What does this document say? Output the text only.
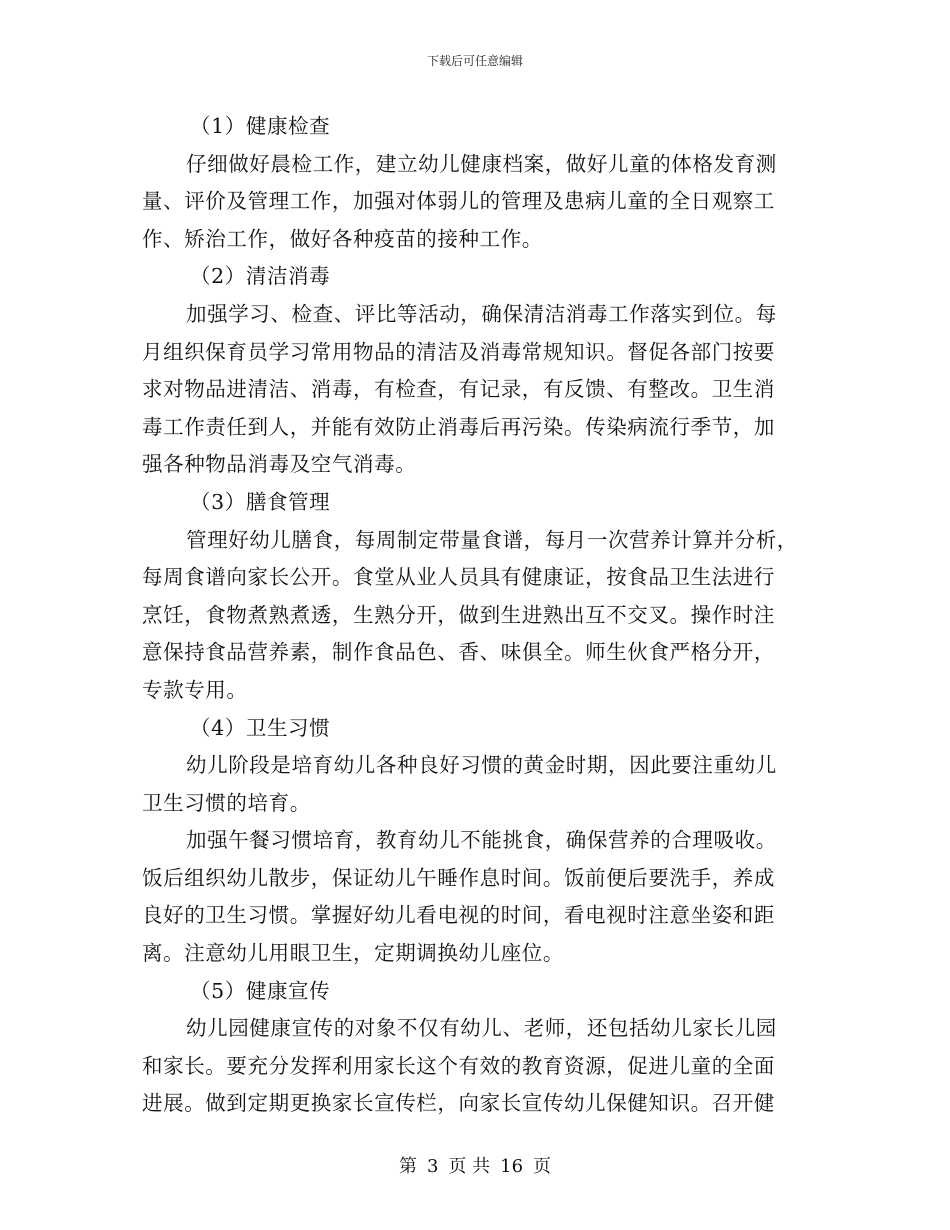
下载后可任意编辑
（1）健康检查
仔细做好晨检工作，建立幼儿健康档案，做好儿童的体格发育测
量、评价及管理工作，加强对体弱儿的管理及患病儿童的全日观察工
作、矫治工作，做好各种疫苗的接种工作。
（2）清洁消毒
加强学习、检查、评比等活动，确保清洁消毒工作落实到位。每
月组织保育员学习常用物品的清洁及消毒常规知识。督促各部门按要
求对物品进清洁、消毒，有检查，有记录，有反馈、有整改。卫生消
毒工作责任到人，并能有效防止消毒后再污染。传染病流行季节，加
强各种物品消毒及空气消毒。
（3）膳食管理
管理好幼儿膳食，每周制定带量食谱，每月一次营养计算并分析，
每周食谱向家长公开。食堂从业人员具有健康证，按食品卫生法进行
烹饪，食物煮熟煮透，生熟分开，做到生进熟出互不交叉。操作时注
意保持食品营养素，制作食品色、香、味俱全。师生伙食严格分开，
专款专用。
（4）卫生习惯
幼儿阶段是培育幼儿各种良好习惯的黄金时期，因此要注重幼儿
卫生习惯的培育。
加强午餐习惯培育，教育幼儿不能挑食，确保营养的合理吸收。
饭后组织幼儿散步，保证幼儿午睡作息时间。饭前便后要洗手，养成
良好的卫生习惯。掌握好幼儿看电视的时间，看电视时注意坐姿和距
离。注意幼儿用眼卫生，定期调换幼儿座位。
（5）健康宣传
幼儿园健康宣传的对象不仅有幼儿、老师，还包括幼儿家长儿园
和家长。要充分发挥利用家长这个有效的教育资源，促进儿童的全面
进展。做到定期更换家长宣传栏，向家长宣传幼儿保健知识。召开健
第 3 页 共 16 页
